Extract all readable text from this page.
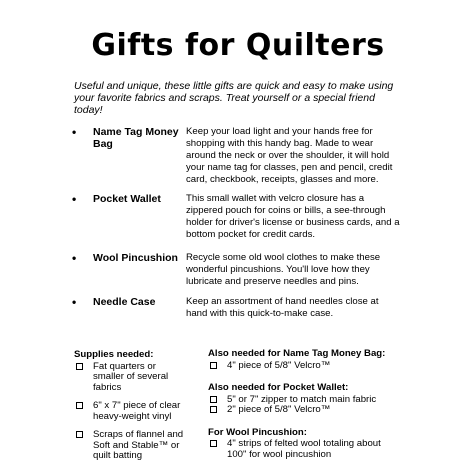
Gifts for Quilters
Useful and unique, these little gifts are quick and easy to make using your favorite fabrics and scraps. Treat yourself or a special friend today!
• Name Tag Money Bag
Keep your load light and your hands free for shopping with this handy bag. Made to wear around the neck or over the shoulder, it will hold your name tag for classes, pen and pencil, credit card, checkbook, receipts, glasses and more.
• Pocket Wallet	This small wallet with velcro closure has a zippered pouch for coins or bills, a see-through holder for driver's license or business cards, and a bottom pocket for credit cards.
• Wool Pincushion Recycle some old wool clothes to make these wonderful pincushions. You'll love how they lubricate and preserve needles and pins.
• Needle Case	Keep an assortment of hand needles close at hand with this quick-to-make case.
Supplies needed:
Fat quarters or smaller of several fabrics
6" x 7" piece of clear heavy-weight vinyl
Scraps of flannel and Soft and Stable™ or quilt batting
Also needed for Name Tag Money Bag:
4" piece of 5/8" Velcro™
Also needed for Pocket Wallet:
5" or 7" zipper to match main fabric
2" piece of 5/8" Velcro™
For Wool Pincushion:
4" strips of felted wool totaling about 100" for wool pincushion
